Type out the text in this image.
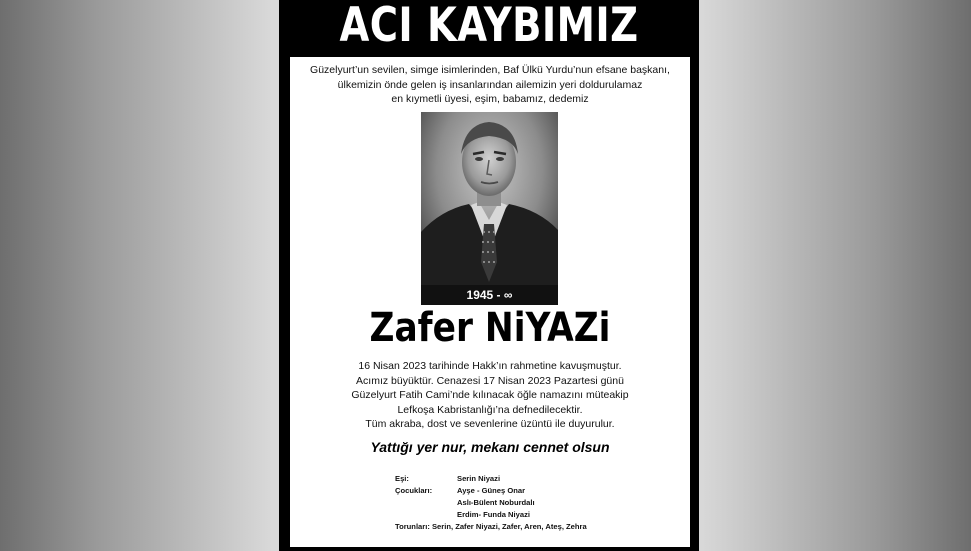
ACI KAYBIMIZ
Güzelyurt’un sevilen, simge isimlerinden, Baf Ülkü Yurdu’nun efsane başkanı,
ülkemizin önde gelen iş insanlarından ailemizin yeri doldurulamaz
en kıymetli üyesi, eşim, babamız, dedemiz
1945 - ∞
Zafer NiYAZi
16 Nisan 2023 tarihinde Hakk’ın rahmetine kavuşmuştur.
Acımız büyüktür. Cenazesi 17 Nisan 2023 Pazartesi günü
Güzelyurt Fatih Cami’nde kılınacak öğle namazını müteakip
Lefkoşa Kabristanlığı’na defnedilecektir.
Tüm akraba, dost ve sevenlerine üzüntü ile duyurulur.
Yattığı yer nur, mekanı cennet olsun
Eşi:	Serin Niyazi
Çocukları:	Ayşe - Güneş Onar
Aslı-Bülent Noburdalı
Erdim- Funda Niyazi
Torunları: Serin, Zafer Niyazi, Zafer, Aren, Ateş, Zehra
